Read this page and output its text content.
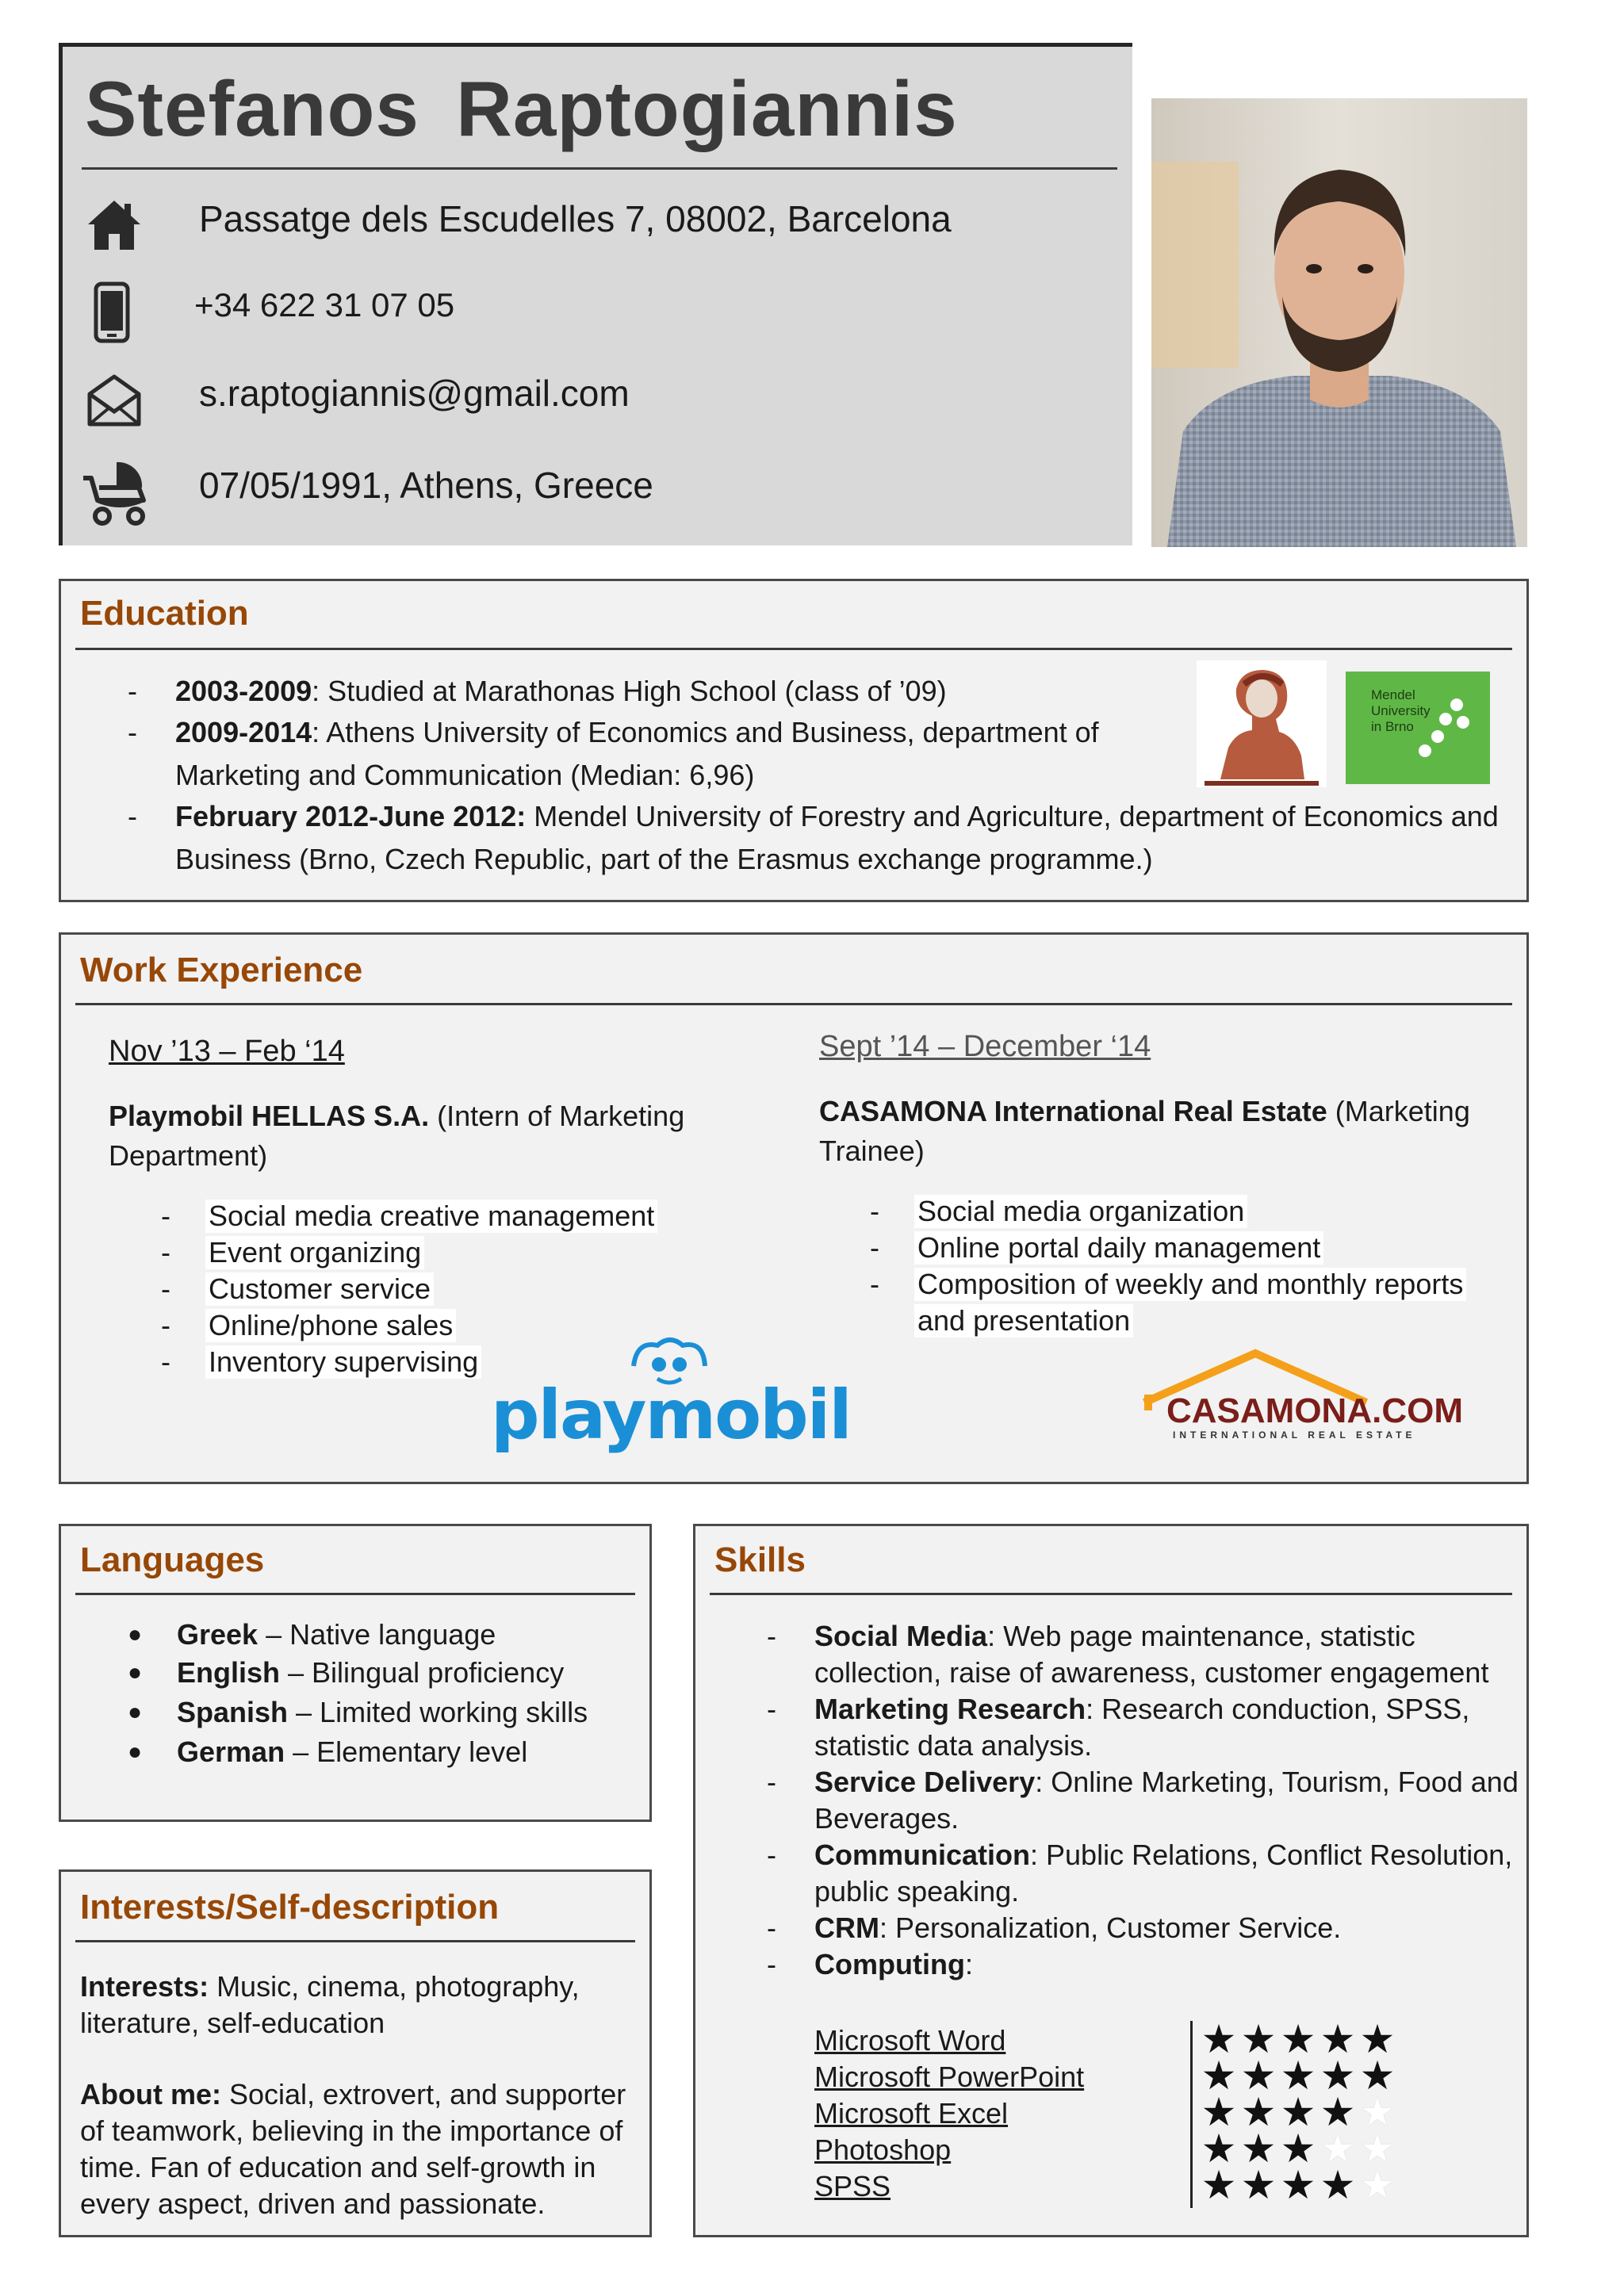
Stefanos Raptogiannis
Passatge dels Escudelles 7, 08002, Barcelona
+34 622 31 07 05
s.raptogiannis@gmail.com
07/05/1991, Athens, Greece
Education
- 2003-2009: Studied at Marathonas High School (class of ’09)
- 2009-2014: Athens University of Economics and Business, department of
Marketing and Communication (Median: 6,96)
- February 2012-June 2012: Mendel University of Forestry and Agriculture, department of Economics and
Business (Brno, Czech Republic, part of the Erasmus exchange programme.)
Mendel
University
in Brno
Work Experience
Nov ’13 – Feb ‘14
Playmobil HELLAS S.A. (Intern of Marketing
Department)
- Social media creative management
- Event organizing
- Customer service
- Online/phone sales
- Inventory supervising
playmobil
Sept ’14 – December ‘14
CASAMONA International Real Estate (Marketing
Trainee)
- Social media organization
- Online portal daily management
- Composition of weekly and monthly reports
and presentation
CASAMONA.COM
INTERNATIONAL REAL ESTATE
Languages
● Greek – Native language
● English – Bilingual proficiency
● Spanish – Limited working skills
● German – Elementary level
Interests/Self-description
Interests: Music, cinema, photography,
literature, self-education
About me: Social, extrovert, and supporter
of teamwork, believing in the importance of
time. Fan of education and self-growth in
every aspect, driven and passionate.
Skills
- Social Media: Web page maintenance, statistic
collection, raise of awareness, customer engagement
- Marketing Research: Research conduction, SPSS,
statistic data analysis.
- Service Delivery: Online Marketing, Tourism, Food and
Beverages.
- Communication: Public Relations, Conflict Resolution,
public speaking.
- CRM: Personalization, Customer Service.
- Computing:
Microsoft Word
Microsoft PowerPoint
Microsoft Excel
Photoshop
SPSS
★★★★★
★★★★★
★★★★★
★★★★★
★★★★★
